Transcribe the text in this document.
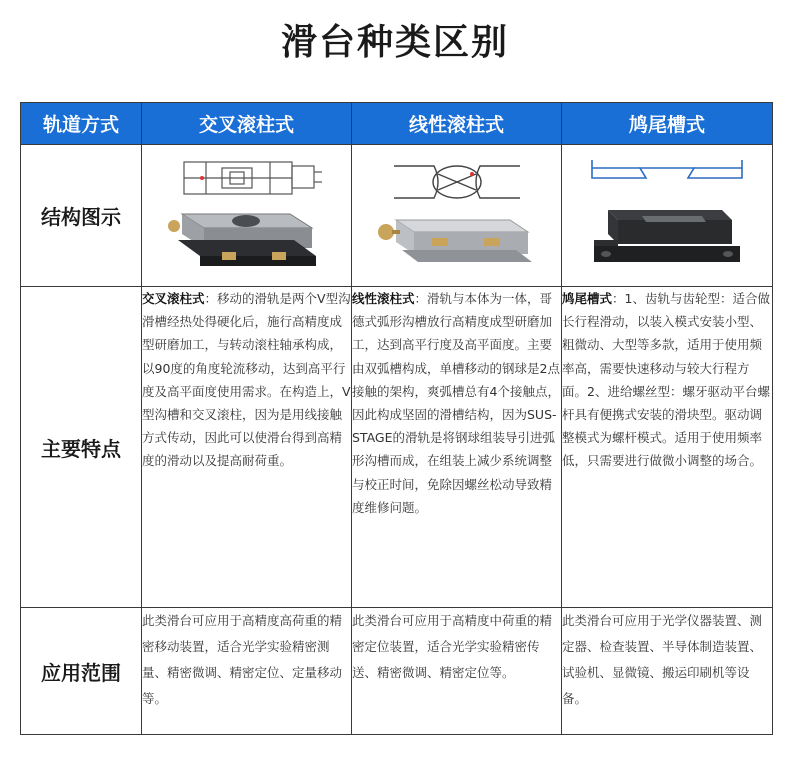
滑台种类区别
轨道方式	交叉滚柱式	线性滚柱式	鸠尾槽式
结构图示	

主要特点	交叉滚柱式：移动的滑轨是两个V型沟滑槽经热处得硬化后，施行高精度成型研磨加工，与转动滚柱轴承构成，以90度的角度轮流移动，达到高平行度及高平面度使用需求。在构造上，V型沟槽和交叉滚柱，因为是用线接触方式传动，因此可以使滑台得到高精度的滑动以及提高耐荷重。	线性滚柱式：滑轨与本体为一体，哥德式弧形沟槽放行高精度成型研磨加工，达到高平行度及高平面度。主要由双弧槽构成，单槽移动的钢球是2点接触的架构，爽弧槽总有4个接触点，因此构成坚固的滑槽结构，因为SUS-STAGE的滑轨是将钢球组装导引进弧形沟槽而成，在组装上减少系统调整与校正时间，免除因螺丝松动导致精度维修问题。	鸠尾槽式：1、齿轨与齿轮型：适合做长行程滑动，以装入模式安装小型、粗微动、大型等多款，适用于使用频率高，需要快速移动与较大行程方面。2、进给螺丝型：螺牙驱动平台螺杆具有便携式安装的滑块型。驱动调整模式为螺杆模式。适用于使用频率低，只需要进行做微小调整的场合。
应用范围	此类滑台可应用于高精度高荷重的精密移动装置，适合光学实验精密测量、精密微调、精密定位、定量移动等。	此类滑台可应用于高精度中荷重的精密定位装置，适合光学实验精密传送、精密微调、精密定位等。	此类滑台可应用于光学仪器装置、测定器、检查装置、半导体制造装置、试验机、显微镜、搬运印刷机等设备。
